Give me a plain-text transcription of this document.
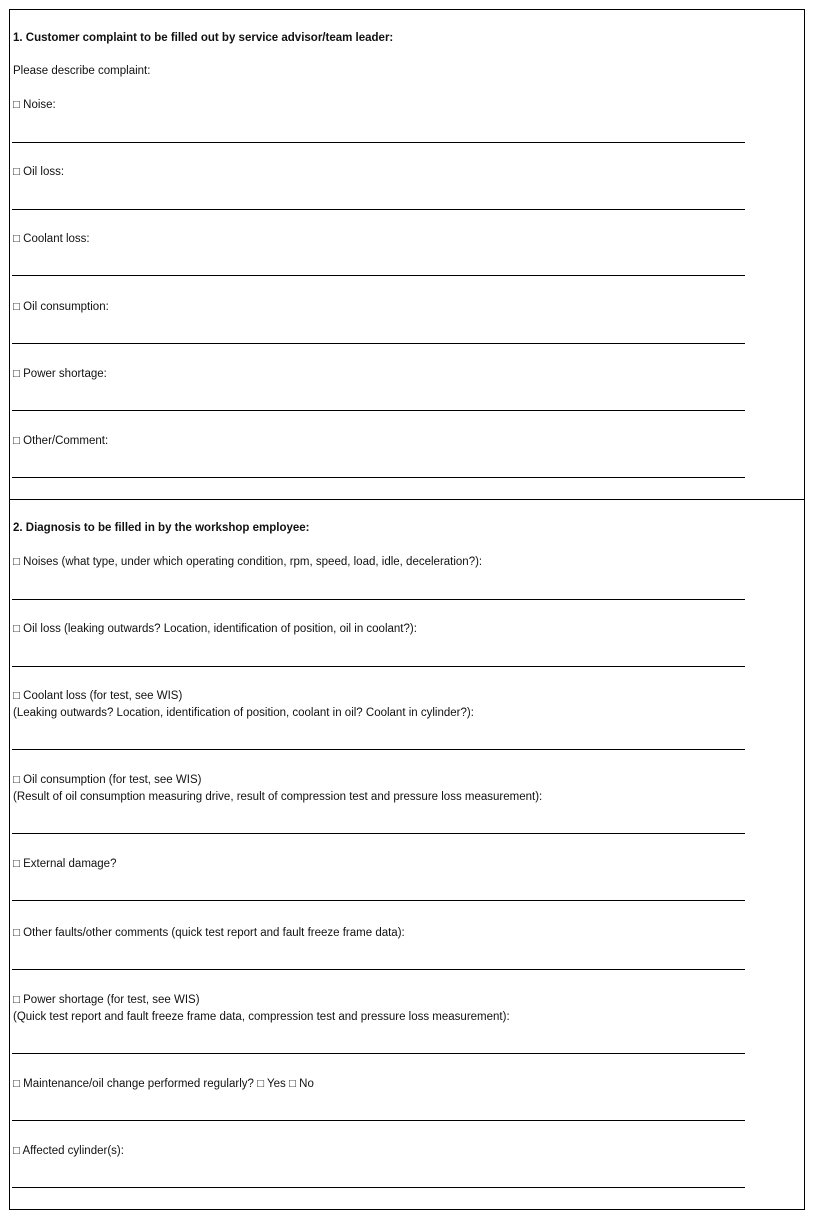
1. Customer complaint to be filled out by service advisor/team leader:
Please describe complaint:
□ Noise:
□ Oil loss:
□ Coolant loss:
□ Oil consumption:
□ Power shortage:
□ Other/Comment:
2. Diagnosis to be filled in by the workshop employee:
□ Noises (what type, under which operating condition, rpm, speed, load, idle, deceleration?):
□ Oil loss (leaking outwards? Location, identification of position, oil in coolant?):
□ Coolant loss (for test, see WIS)
(Leaking outwards? Location, identification of position, coolant in oil? Coolant in cylinder?):
□ Oil consumption (for test, see WIS)
(Result of oil consumption measuring drive, result of compression test and pressure loss measurement):
□ External damage?
□ Other faults/other comments (quick test report and fault freeze frame data):
□ Power shortage (for test, see WIS)
(Quick test report and fault freeze frame data, compression test and pressure loss measurement):
□ Maintenance/oil change performed regularly? □ Yes □ No
□ Affected cylinder(s):
